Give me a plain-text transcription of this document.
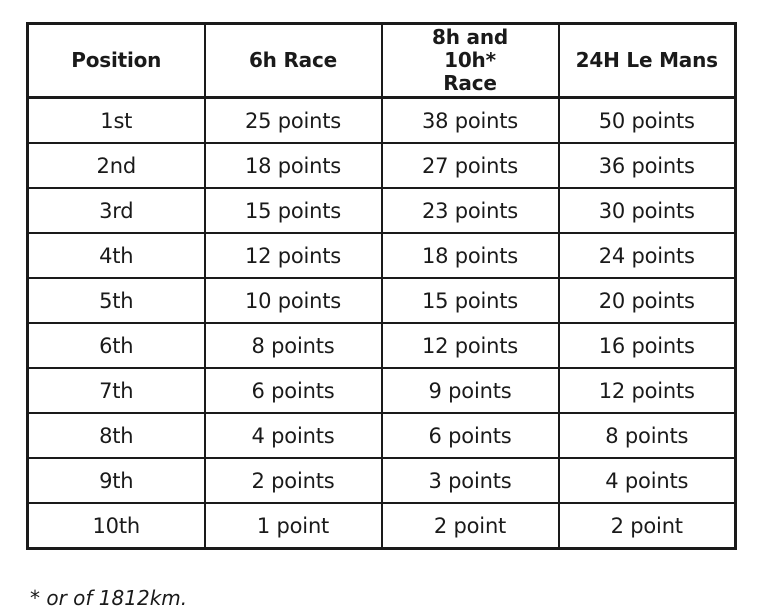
Position	6h Race	8h and 10h* Race	24H Le Mans
1st	25 points	38 points	50 points
2nd	18 points	27 points	36 points
3rd	15 points	23 points	30 points
4th	12 points	18 points	24 points
5th	10 points	15 points	20 points
6th	8 points	12 points	16 points
7th	6 points	9 points	12 points
8th	4 points	6 points	8 points
9th	2 points	3 points	4 points
10th	1 point	2 point	2 point
* or of 1812km.
